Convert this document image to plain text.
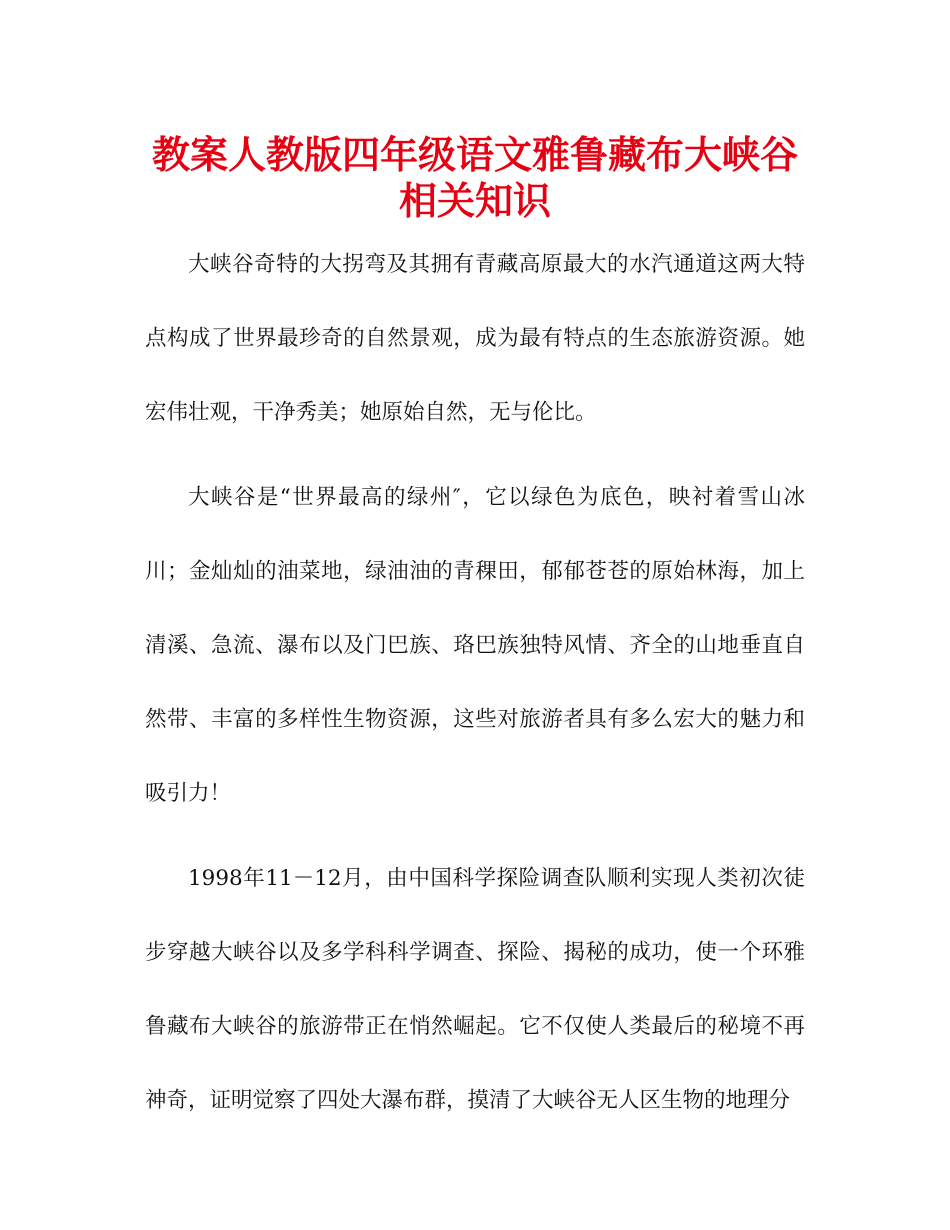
教案人教版四年级语文雅鲁藏布大峡谷相关知识

大峡谷奇特的大拐弯及其拥有青藏高原最大的水汽通道这两大特点构成了世界最珍奇的自然景观，成为最有特点的生态旅游资源。她宏伟壮观，干净秀美；她原始自然，无与伦比。

大峡谷是“世界最高的绿州″，它以绿色为底色，映衬着雪山冰川；金灿灿的油菜地，绿油油的青稞田，郁郁苍苍的原始林海，加上清溪、急流、瀑布以及门巴族、珞巴族独特风情、齐全的山地垂直自然带、丰富的多样性生物资源，这些对旅游者具有多么宏大的魅力和吸引力！

1998年11－12月，由中国科学探险调查队顺利实现人类初次徒步穿越大峡谷以及多学科科学调查、探险、揭秘的成功，使一个环雅鲁藏布大峡谷的旅游带正在悄然崛起。它不仅使人类最后的秘境不再神奇，证明觉察了四处大瀑布群，摸清了大峡谷无人区生物的地理分
